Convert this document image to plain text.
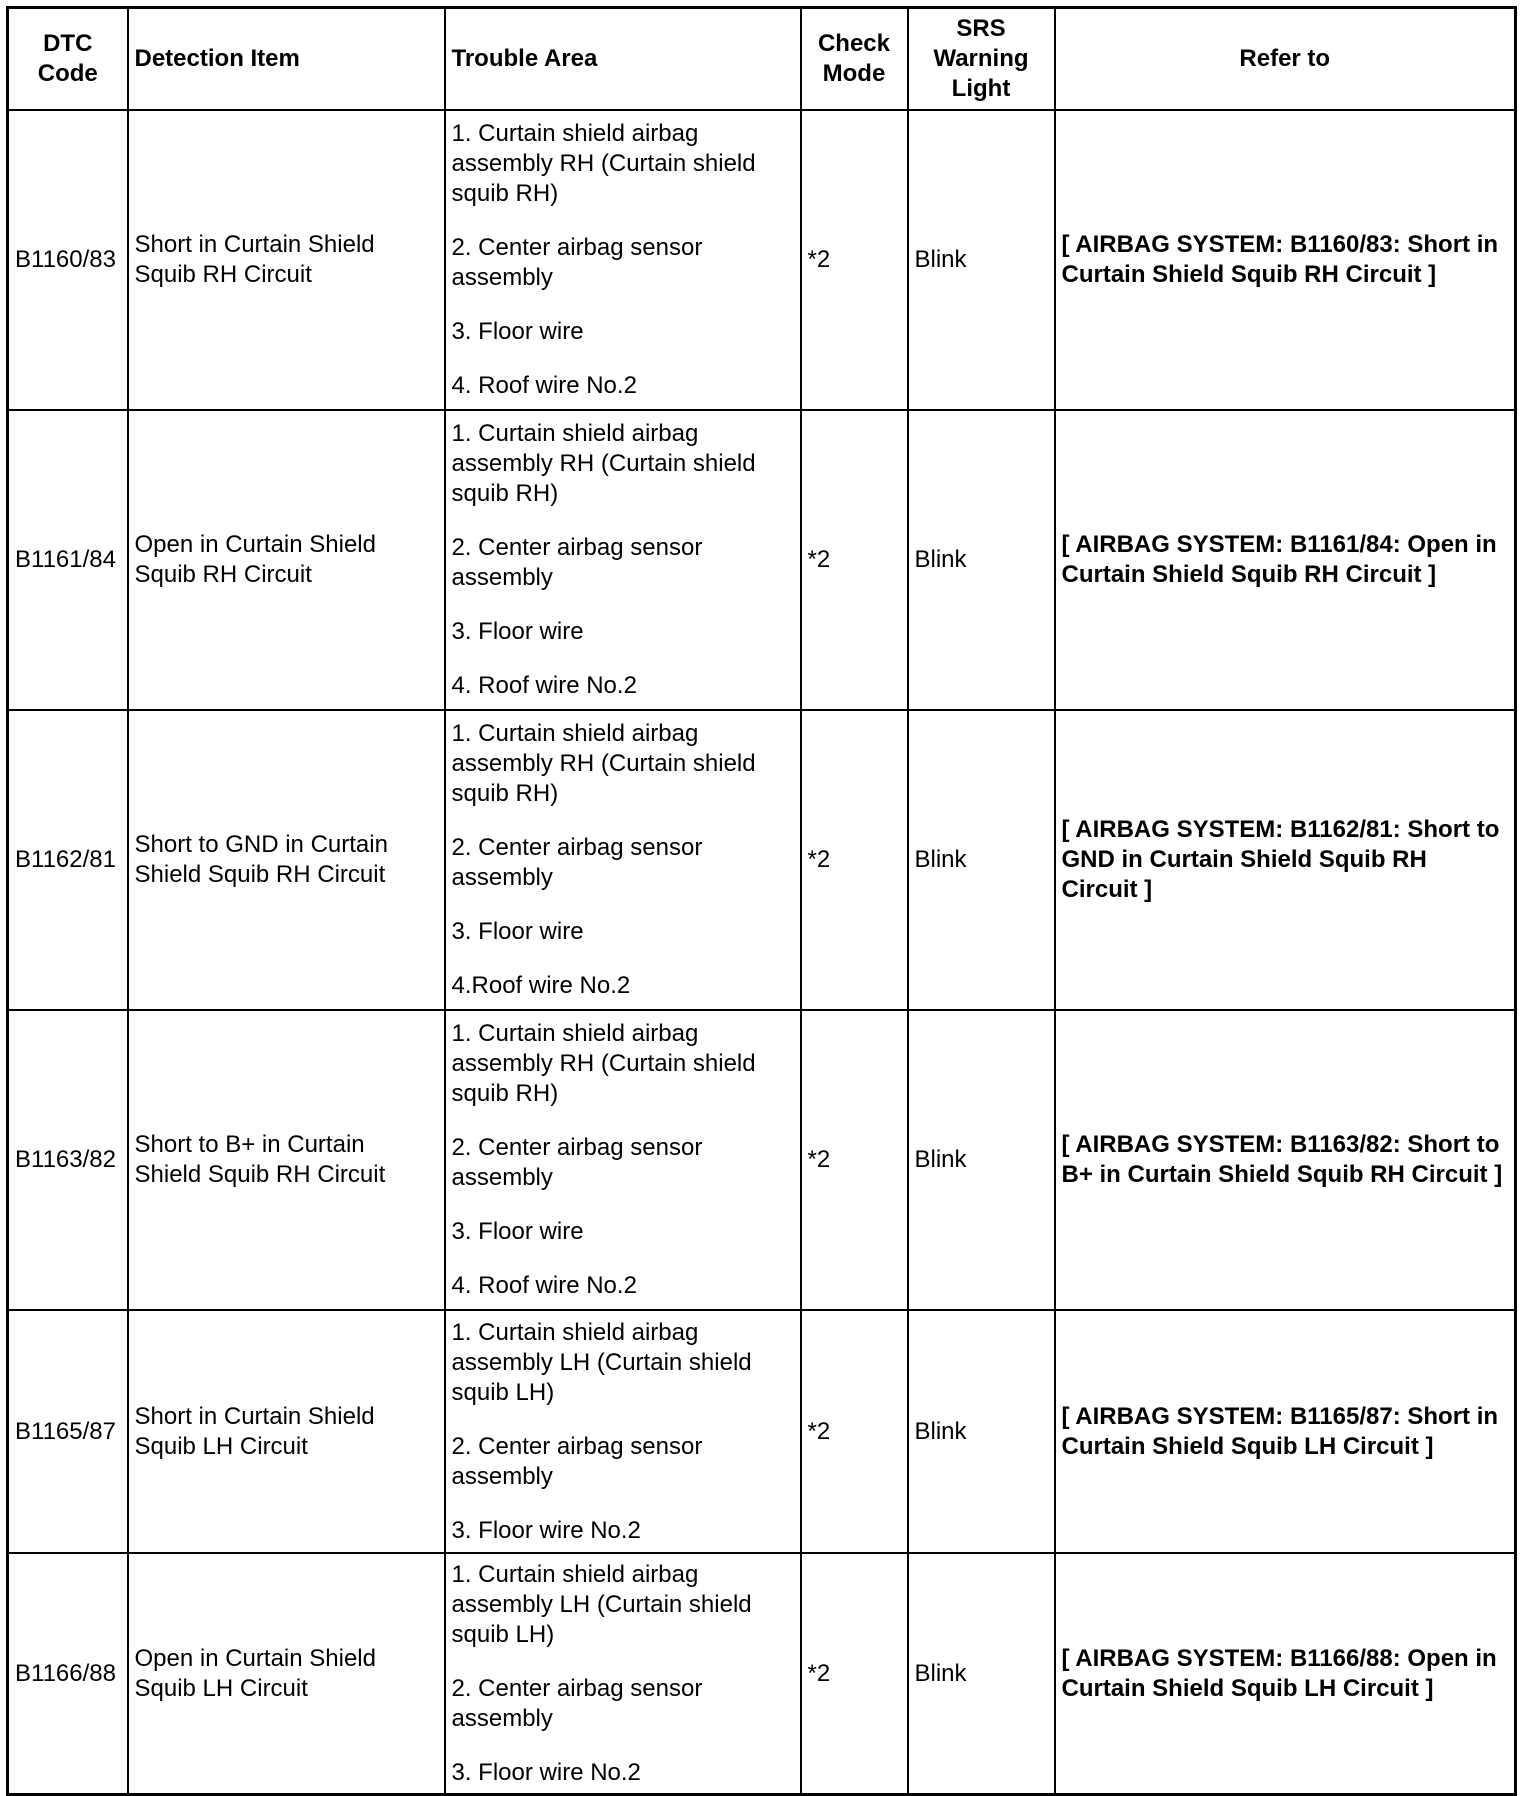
DTC Code	Detection Item	Trouble Area	Check Mode	SRS Warning Light	Refer to
B1160/83	Short in Curtain Shield Squib RH Circuit	1. Curtain shield airbag assembly RH (Curtain shield squib RH)
2. Center airbag sensor assembly
3. Floor wire
4. Roof wire No.2	*2	Blink	[ AIRBAG SYSTEM: B1160/83: Short in Curtain Shield Squib RH Circuit ]
B1161/84	Open in Curtain Shield Squib RH Circuit	1. Curtain shield airbag assembly RH (Curtain shield squib RH)
2. Center airbag sensor assembly
3. Floor wire
4. Roof wire No.2	*2	Blink	[ AIRBAG SYSTEM: B1161/84: Open in Curtain Shield Squib RH Circuit ]
B1162/81	Short to GND in Curtain Shield Squib RH Circuit	1. Curtain shield airbag assembly RH (Curtain shield squib RH)
2. Center airbag sensor assembly
3. Floor wire
4.Roof wire No.2	*2	Blink	[ AIRBAG SYSTEM: B1162/81: Short to GND in Curtain Shield Squib RH Circuit ]
B1163/82	Short to B+ in Curtain Shield Squib RH Circuit	1. Curtain shield airbag assembly RH (Curtain shield squib RH)
2. Center airbag sensor assembly
3. Floor wire
4. Roof wire No.2	*2	Blink	[ AIRBAG SYSTEM: B1163/82: Short to B+ in Curtain Shield Squib RH Circuit ]
B1165/87	Short in Curtain Shield Squib LH Circuit	1. Curtain shield airbag assembly LH (Curtain shield squib LH)
2. Center airbag sensor assembly
3. Floor wire No.2	*2	Blink	[ AIRBAG SYSTEM: B1165/87: Short in Curtain Shield Squib LH Circuit ]
B1166/88	Open in Curtain Shield Squib LH Circuit	1. Curtain shield airbag assembly LH (Curtain shield squib LH)
2. Center airbag sensor assembly
3. Floor wire No.2	*2	Blink	[ AIRBAG SYSTEM: B1166/88: Open in Curtain Shield Squib LH Circuit ]
